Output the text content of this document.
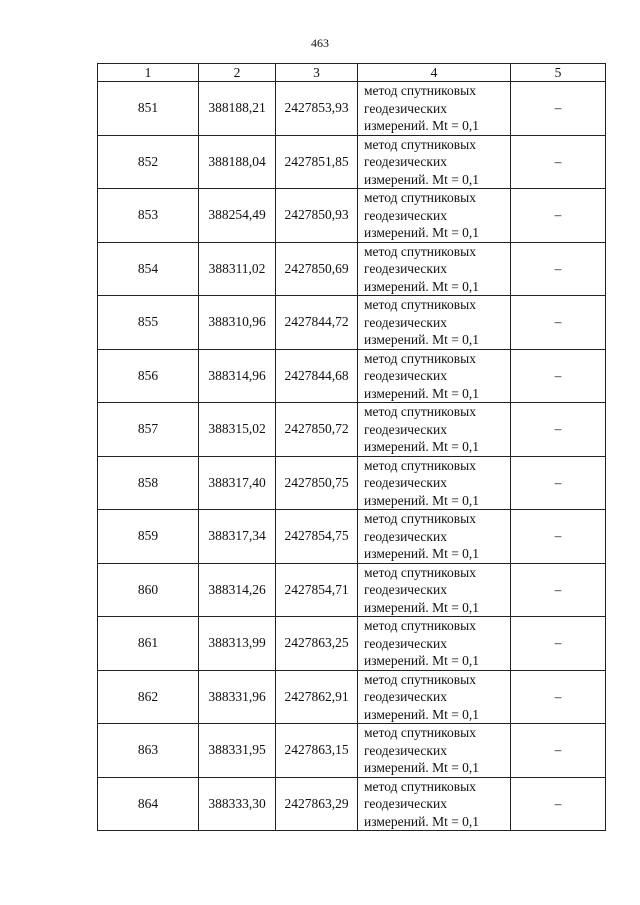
463
1	2	3	4	5
851	388188,21	2427853,93	метод спутниковых
геодезических
измерений. Mt = 0,1	–
852	388188,04	2427851,85	метод спутниковых
геодезических
измерений. Mt = 0,1	–
853	388254,49	2427850,93	метод спутниковых
геодезических
измерений. Mt = 0,1	–
854	388311,02	2427850,69	метод спутниковых
геодезических
измерений. Mt = 0,1	–
855	388310,96	2427844,72	метод спутниковых
геодезических
измерений. Mt = 0,1	–
856	388314,96	2427844,68	метод спутниковых
геодезических
измерений. Mt = 0,1	–
857	388315,02	2427850,72	метод спутниковых
геодезических
измерений. Mt = 0,1	–
858	388317,40	2427850,75	метод спутниковых
геодезических
измерений. Mt = 0,1	–
859	388317,34	2427854,75	метод спутниковых
геодезических
измерений. Mt = 0,1	–
860	388314,26	2427854,71	метод спутниковых
геодезических
измерений. Mt = 0,1	–
861	388313,99	2427863,25	метод спутниковых
геодезических
измерений. Mt = 0,1	–
862	388331,96	2427862,91	метод спутниковых
геодезических
измерений. Mt = 0,1	–
863	388331,95	2427863,15	метод спутниковых
геодезических
измерений. Mt = 0,1	–
864	388333,30	2427863,29	метод спутниковых
геодезических
измерений. Mt = 0,1	–
